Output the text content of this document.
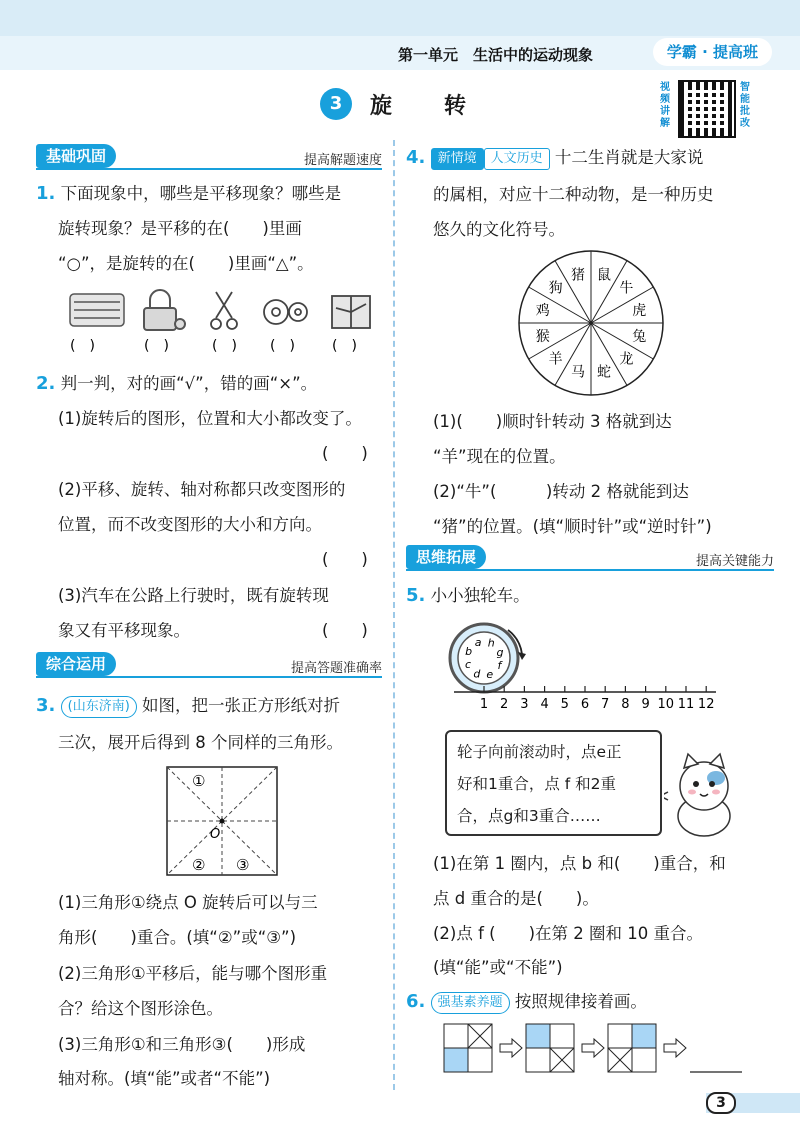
第一单元　生活中的运动现象	学霸 · 提高班
3	旋转
视频讲解
智能批改
基础巩固	提高解题速度
1. 下面现象中，哪些是平移现象？哪些是
旋转现象？是平移的在(　　)里画
“○”，是旋转的在(　　)里画“△”。
(　)	(　)	(　) (　)	(　)
2. 判一判，对的画“√”，错的画“×”。
(1)旋转后的图形，位置和大小都改变了。
(　　)
(2)平移、旋转、轴对称都只改变图形的
位置，而不改变图形的大小和方向。
(　　)
(3)汽车在公路上行驶时，既有旋转现
象又有平移现象。	(　　)
综合运用	提高答题准确率
3. (山东济南) 如图，把一张正方形纸对折
三次，展开后得到 8 个同样的三角形。
①
② ③
O
(1)三角形①绕点 O 旋转后可以与三
角形(　　)重合。(填“②”或“③”)
(2)三角形①平移后，能与哪个图形重
合？给这个图形涂色。
(3)三角形①和三角形③(　　)形成
轴对称。(填“能”或者“不能”)
4. 新情境 人文历史 十二生肖就是大家说
的属相，对应十二种动物，是一种历史
悠久的文化符号。
鼠
牛
虎
兔
龙
蛇
马
羊
猴
鸡
狗
猪
(1)(　　)顺时针转动 3 格就到达
“羊”现在的位置。
(2)“牛”(　　　)转动 2 格就能到达
“猪”的位置。(填“顺时针”或“逆时针”)
思维拓展	提高关键能力
5. 小小独轮车。
a
b
c
d e
f
g
h
1 2 3 4 5 6 7 8 9 10 11 12
轮子向前滚动时，点e正
好和1重合，点 f 和2重
合，点g和3重合……
(1)在第 1 圈内，点 b 和(　　)重合，和
点 d 重合的是(　　)。
(2)点 f (　　)在第 2 圈和 10 重合。
(填“能”或“不能”)
6. 强基素养题 按照规律接着画。
3
